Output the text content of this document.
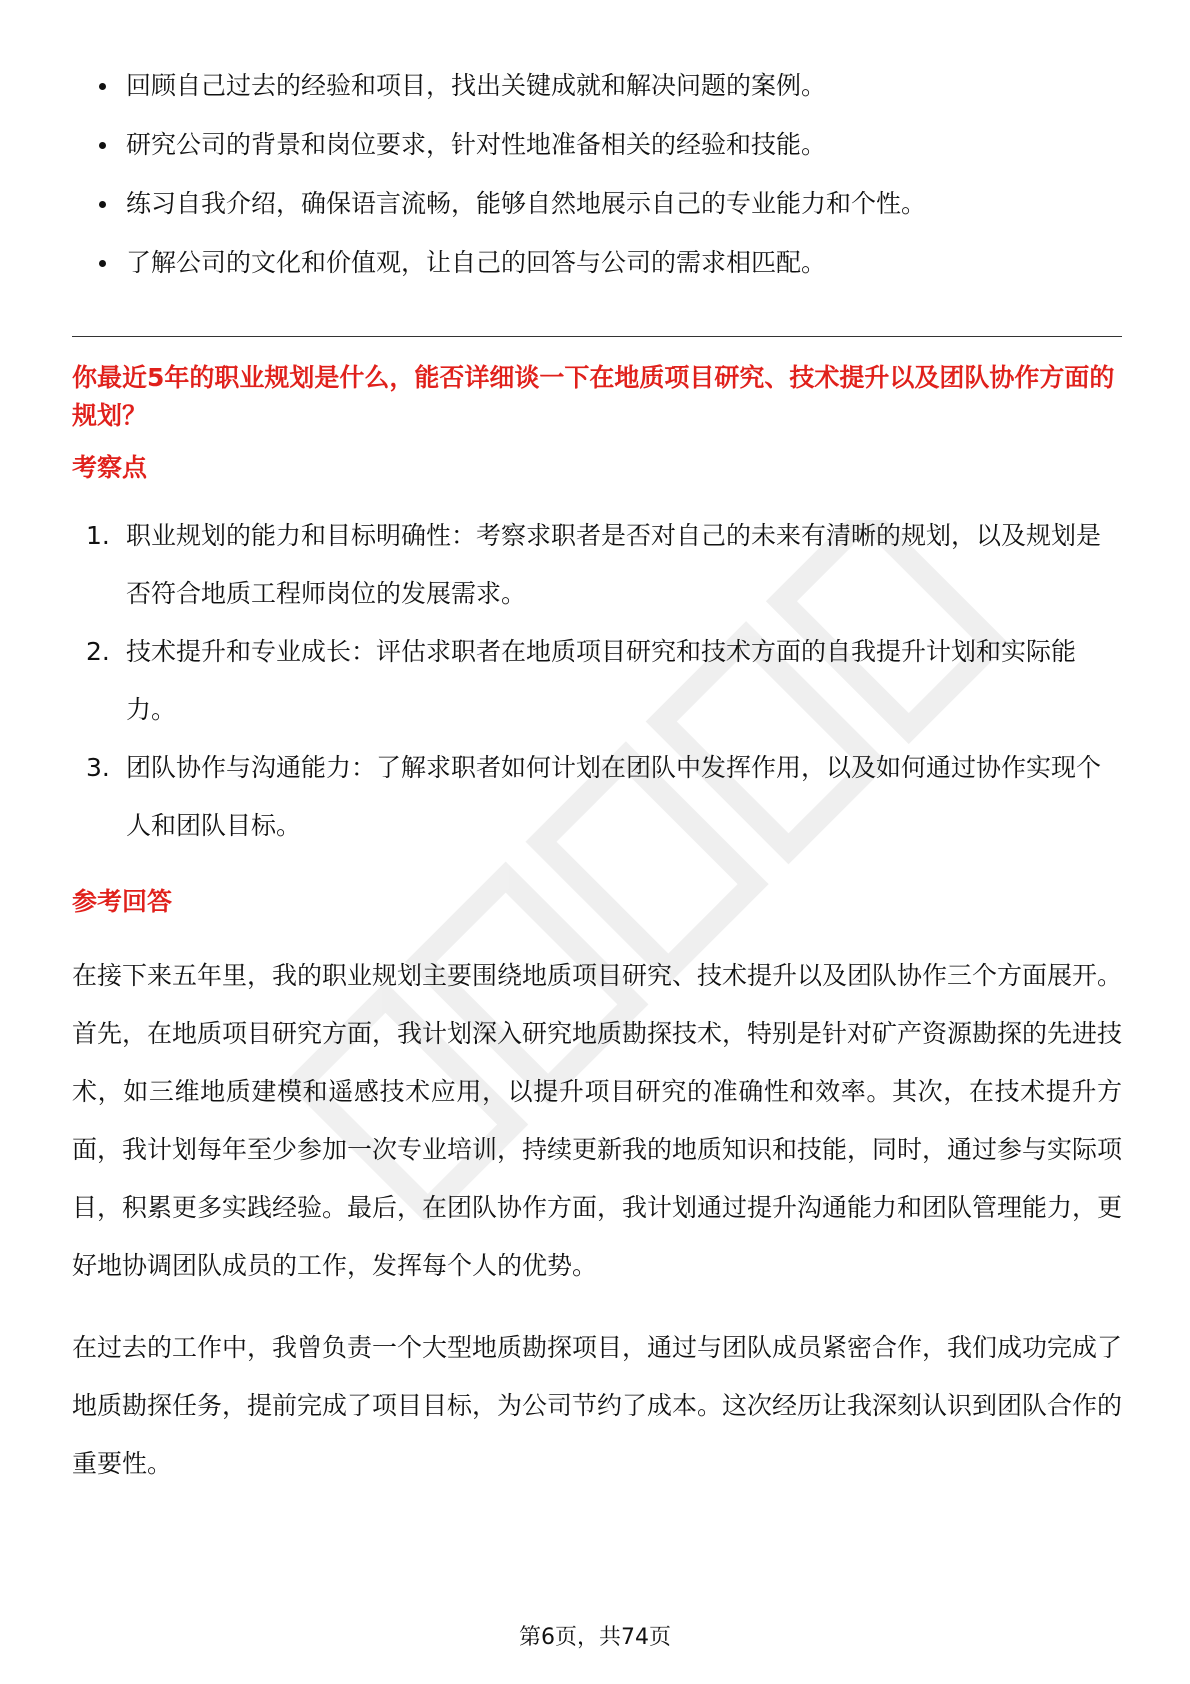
回顾自己过去的经验和项目，找出关键成就和解决问题的案例。
研究公司的背景和岗位要求，针对性地准备相关的经验和技能。
练习自我介绍，确保语言流畅，能够自然地展示自己的专业能力和个性。
了解公司的文化和价值观，让自己的回答与公司的需求相匹配。
你最近5年的职业规划是什么，能否详细谈一下在地质项目研究、技术提升以及团队协作方面的规划？
考察点
1. 职业规划的能力和目标明确性：考察求职者是否对自己的未来有清晰的规划，以及规划是否符合地质工程师岗位的发展需求。
2. 技术提升和专业成长：评估求职者在地质项目研究和技术方面的自我提升计划和实际能力。
3. 团队协作与沟通能力：了解求职者如何计划在团队中发挥作用，以及如何通过协作实现个人和团队目标。
参考回答

在接下来五年里，我的职业规划主要围绕地质项目研究、技术提升以及团队协作三个方面展开。首先，在地质项目研究方面，我计划深入研究地质勘探技术，特别是针对矿产资源勘探的先进技术，如三维地质建模和遥感技术应用，以提升项目研究的准确性和效率。其次，在技术提升方面，我计划每年至少参加一次专业培训，持续更新我的地质知识和技能，同时，通过参与实际项目，积累更多实践经验。最后，在团队协作方面，我计划通过提升沟通能力和团队管理能力，更好地协调团队成员的工作，发挥每个人的优势。

在过去的工作中，我曾负责一个大型地质勘探项目，通过与团队成员紧密合作，我们成功完成了地质勘探任务，提前完成了项目目标，为公司节约了成本。这次经历让我深刻认识到团队合作的重要性。

第6页，共74页
